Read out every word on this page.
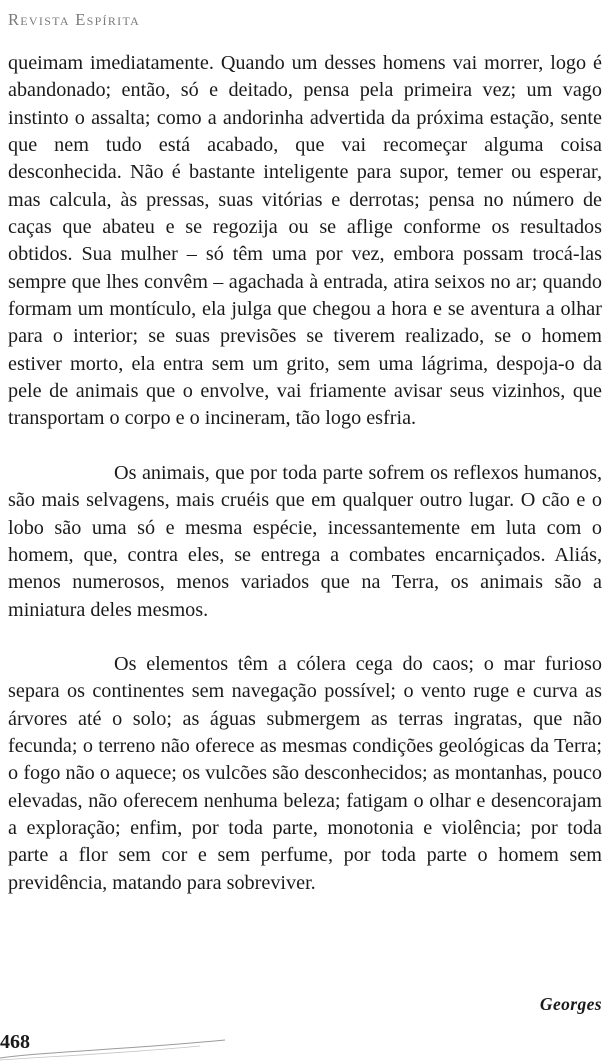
Revista Espírita

queimam imediatamente. Quando um desses homens vai morrer, logo é abandonado; então, só e deitado, pensa pela primeira vez; um vago instinto o assalta; como a andorinha advertida da próxima estação, sente que nem tudo está acabado, que vai recomeçar alguma coisa desconhecida. Não é bastante inteligente para supor, temer ou esperar, mas calcula, às pressas, suas vitórias e derrotas; pensa no número de caças que abateu e se regozija ou se aflige conforme os resultados obtidos. Sua mulher – só têm uma por vez, embora possam trocá-las sempre que lhes convêm – agachada à entrada, atira seixos no ar; quando formam um montículo, ela julga que chegou a hora e se aventura a olhar para o interior; se suas previsões se tiverem realizado, se o homem estiver morto, ela entra sem um grito, sem uma lágrima, despoja-o da pele de animais que o envolve, vai friamente avisar seus vizinhos, que transportam o corpo e o incineram, tão logo esfria.

Os animais, que por toda parte sofrem os reflexos humanos, são mais selvagens, mais cruéis que em qualquer outro lugar. O cão e o lobo são uma só e mesma espécie, incessantemente em luta com o homem, que, contra eles, se entrega a combates encarniçados. Aliás, menos numerosos, menos variados que na Terra, os animais são a miniatura deles mesmos.

Os elementos têm a cólera cega do caos; o mar furioso separa os continentes sem navegação possível; o vento ruge e curva as árvores até o solo; as águas submergem as terras ingratas, que não fecunda; o terreno não oferece as mesmas condições geológicas da Terra; o fogo não o aquece; os vulcões são desconhecidos; as montanhas, pouco elevadas, não oferecem nenhuma beleza; fatigam o olhar e desencorajam a exploração; enfim, por toda parte, monotonia e violência; por toda parte a flor sem cor e sem perfume, por toda parte o homem sem previdência, matando para sobreviver.

Georges
468
